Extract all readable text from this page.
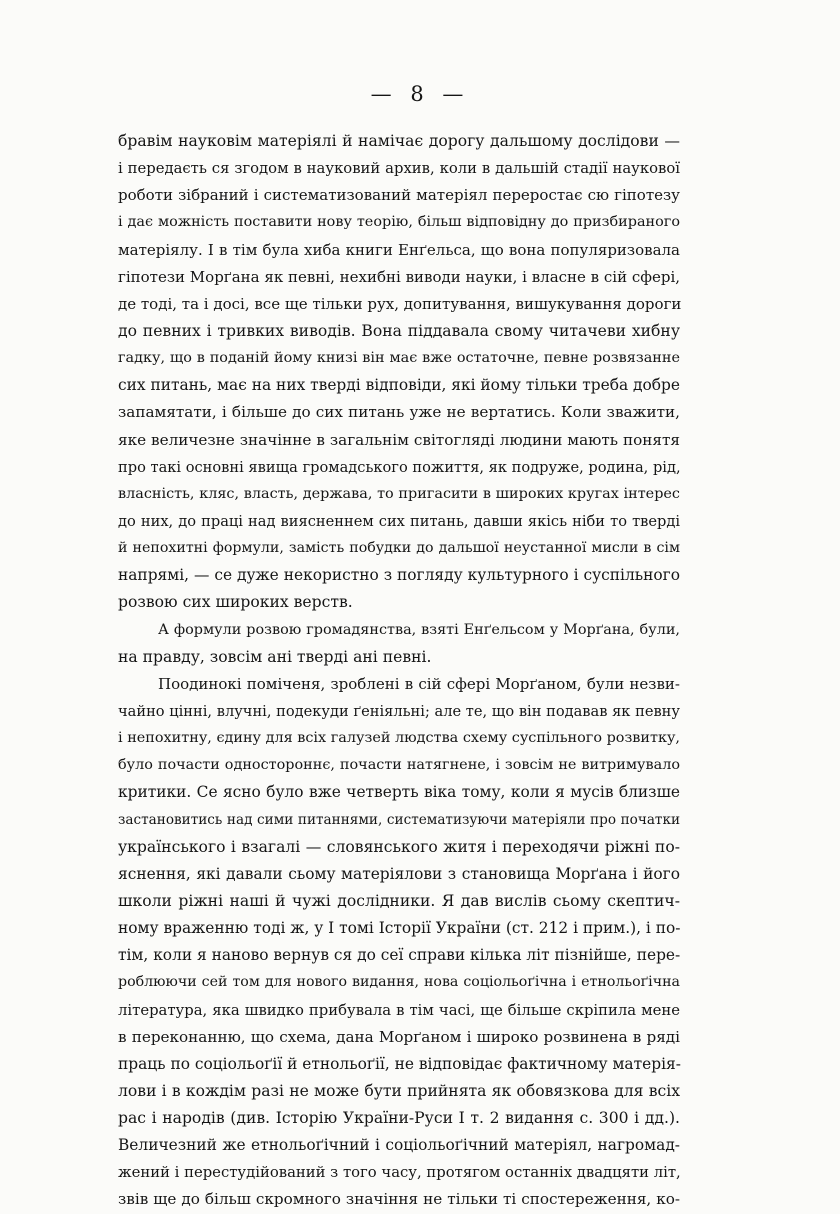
— 8 —
бравім науковім матеріялі й намічає дорогу дальшому дослідови —
і передаєть ся згодом в науковий архив, коли в дальшій стадії наукової
роботи зібраний і систематизований матеріял переростає сю гіпотезу
і дає можність поставити нову теорію, більш відповідну до призбираного
матеріялу. І в тім була хиба книги Енґельса, що вона популяризовала
гіпотези Морґана як певні, нехибні виводи науки, і власне в сій сфері,
де тоді, та і досі, все ще тільки рух, допитування, вишукування дороги
до певних і тривких виводів. Вона піддавала свому читачеви хибну
гадку, що в поданій йому книзі він має вже остаточне, певне розвязанне
сих питань, має на них тверді відповіди, які йому тільки треба добре
запамятати, і більше до сих питань уже не вертатись. Коли зважити,
яке величезне значінне в загальнім світогляді людини мають понятя
про такі основні явища громадського пожиття, як подруже, родина, рід,
власність, кляс, власть, держава, то пригасити в широких кругах інтерес
до них, до праці над виясненнем сих питань, давши якісь ніби то тверді
й непохитні формули, замість побудки до дальшої неустанної мисли в сім
напрямі, — се дуже некористно з погляду культурного і суспільного
розвою сих широких верств.
А формули розвою громадянства, взяті Енґельсом у Морґана, були,
на правду, зовсім ані тверді ані певні.
Поодинокі поміченя, зроблені в сій сфері Морґаном, були незви-
чайно цінні, влучні, подекуди ґеніяльні; але те, що він подавав як певну
і непохитну, єдину для всіх галузей людства схему суспільного розвитку,
було почасти одностороннє, почасти натягнене, і зовсім не витримувало
критики. Се ясно було вже четверть віка тому, коли я мусів близше
застановитись над сими питаннями, систематизуючи матеріяли про початки
українського і взагалі — словянського житя і переходячи ріжні по-
яснення, які давали сьому матеріялови з становища Морґана і його
школи ріжні наші й чужі дослідники. Я дав вислів сьому скептич-
ному враженню тоді ж, у І томі Історії України (ст. 212 і прим.), і по-
тім, коли я наново вернув ся до сеї справи кілька літ пізнійше, пере-
роблюючи сей том для нового видання, нова соціольоґічна і етнольоґічна
література, яка швидко прибувала в тім часі, ще більше скріпила мене
в переконанню, що схема, дана Морґаном і широко розвинена в ряді
праць по соціольоґії й етнольоґії, не відповідає фактичному матерія-
лови і в кождім разі не може бути прийнята як обовязкова для всіх
рас і народів (див. Історію України-Руси І т. 2 видання с. 300 і дд.).
Величезний же етнольоґічний і соціольоґічний матеріял, нагромад-
жений і перестудійований з того часу, протягом останніх двадцяти літ,
звів ще до більш скромного значіння не тільки ті спостереження, ко-
